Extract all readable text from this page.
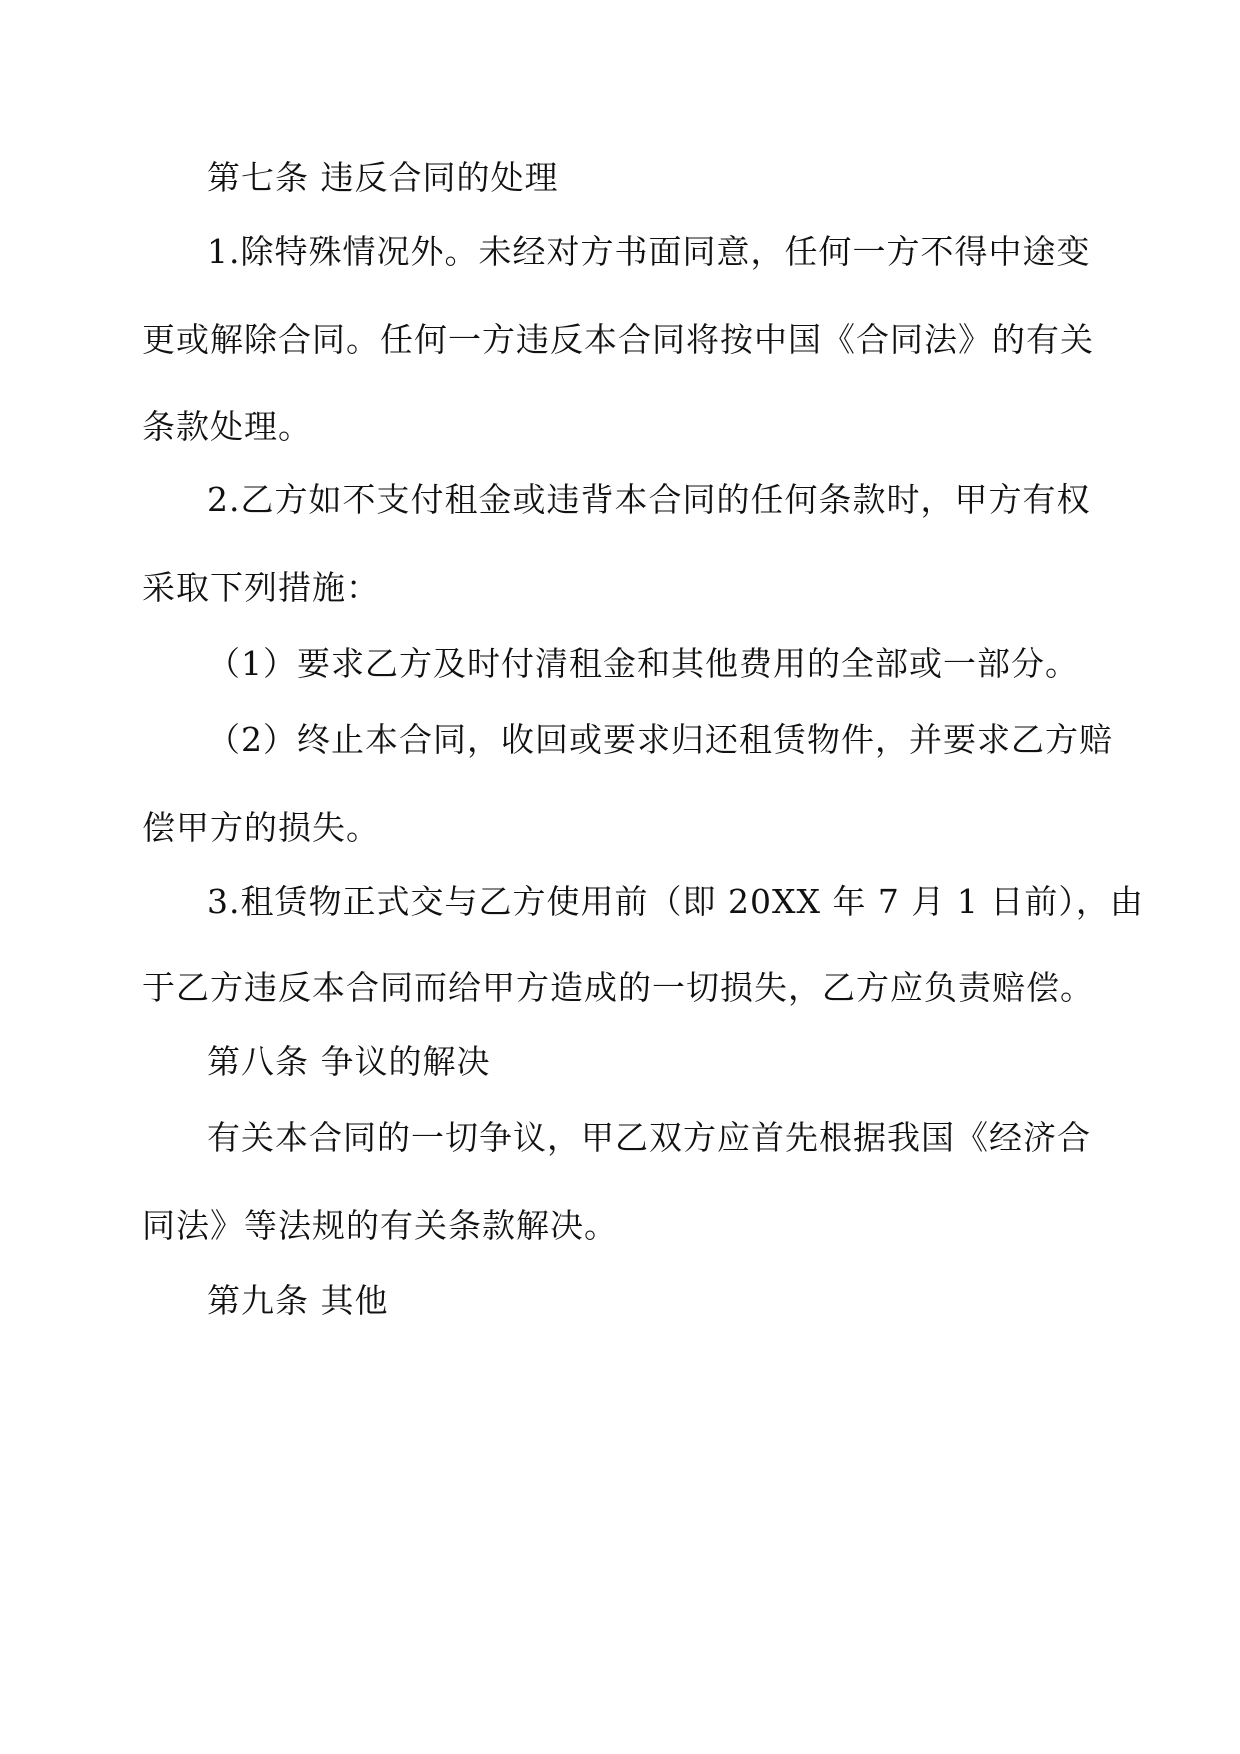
第七条 违反合同的处理
1.除特殊情况外。未经对方书面同意，任何一方不得中途变
更或解除合同。任何一方违反本合同将按中国《合同法》的有关
条款处理。
2.乙方如不支付租金或违背本合同的任何条款时，甲方有权
采取下列措施：
（1）要求乙方及时付清租金和其他费用的全部或一部分。
（2）终止本合同，收回或要求归还租赁物件，并要求乙方赔
偿甲方的损失。
3.租赁物正式交与乙方使用前（即 20XX 年 7 月 1 日前），由
于乙方违反本合同而给甲方造成的一切损失，乙方应负责赔偿。
第八条 争议的解决
有关本合同的一切争议，甲乙双方应首先根据我国《经济合
同法》等法规的有关条款解决。
第九条 其他
